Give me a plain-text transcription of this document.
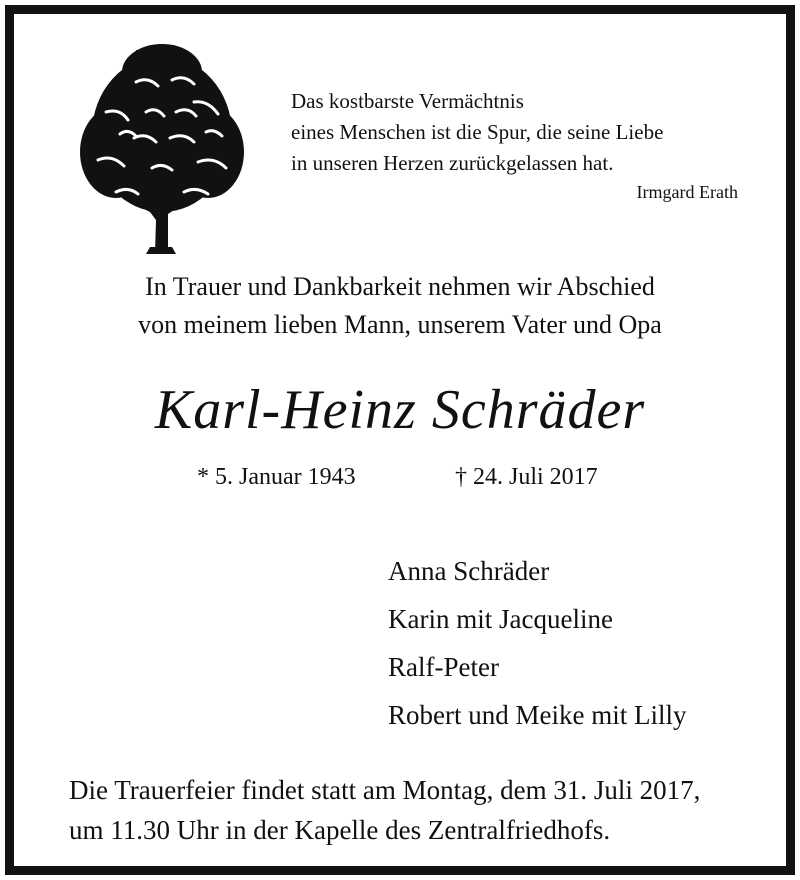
Das kostbarste Vermächtnis
eines Menschen ist die Spur, die seine Liebe
in unseren Herzen zurückgelassen hat.
Irmgard Erath
In Trauer und Dankbarkeit nehmen wir Abschied
von meinem lieben Mann, unserem Vater und Opa
Karl-Heinz Schräder
* 5. Januar 1943	† 24. Juli 2017
Anna Schräder
Karin mit Jacqueline
Ralf-Peter
Robert und Meike mit Lilly
Die Trauerfeier findet statt am Montag, dem 31. Juli 2017,
um 11.30 Uhr in der Kapelle des Zentralfriedhofs.
